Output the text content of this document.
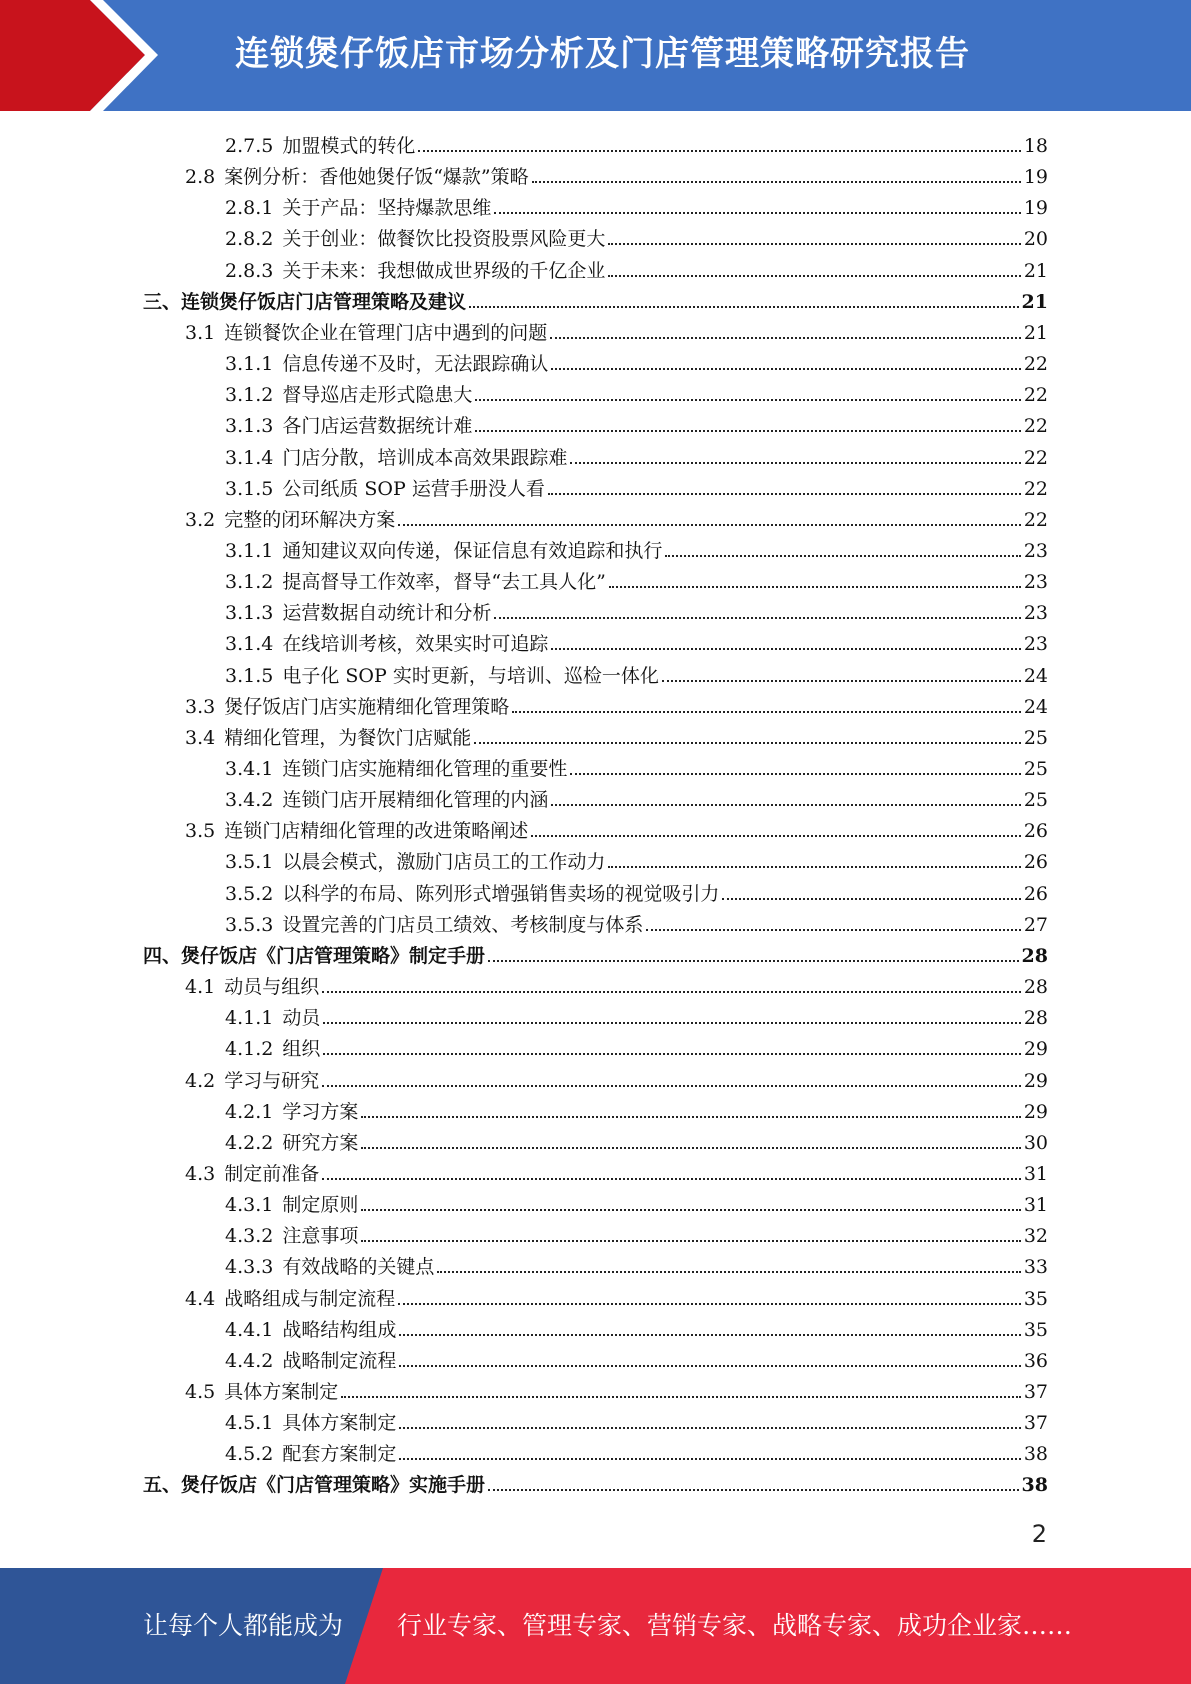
连锁煲仔饭店市场分析及门店管理策略研究报告
2.7.5 加盟模式的转化	18
2.8 案例分析：香他她煲仔饭“爆款”策略	19
2.8.1 关于产品：坚持爆款思维	19
2.8.2 关于创业：做餐饮比投资股票风险更大	20
2.8.3 关于未来：我想做成世界级的千亿企业	21
三、连锁煲仔饭店门店管理策略及建议	21
3.1 连锁餐饮企业在管理门店中遇到的问题	21
3.1.1 信息传递不及时，无法跟踪确认	22
3.1.2 督导巡店走形式隐患大	22
3.1.3 各门店运营数据统计难	22
3.1.4 门店分散，培训成本高效果跟踪难	22
3.1.5 公司纸质 SOP 运营手册没人看	22
3.2 完整的闭环解决方案	22
3.1.1 通知建议双向传递，保证信息有效追踪和执行	23
3.1.2 提高督导工作效率，督导“去工具人化”	23
3.1.3 运营数据自动统计和分析	23
3.1.4 在线培训考核，效果实时可追踪	23
3.1.5 电子化 SOP 实时更新，与培训、巡检一体化	24
3.3 煲仔饭店门店实施精细化管理策略	24
3.4 精细化管理，为餐饮门店赋能	25
3.4.1 连锁门店实施精细化管理的重要性	25
3.4.2 连锁门店开展精细化管理的内涵	25
3.5 连锁门店精细化管理的改进策略阐述	26
3.5.1 以晨会模式，激励门店员工的工作动力	26
3.5.2 以科学的布局、陈列形式增强销售卖场的视觉吸引力	26
3.5.3 设置完善的门店员工绩效、考核制度与体系	27
四、煲仔饭店《门店管理策略》制定手册	28
4.1 动员与组织	28
4.1.1 动员	28
4.1.2 组织	29
4.2 学习与研究	29
4.2.1 学习方案	29
4.2.2 研究方案	30
4.3 制定前准备	31
4.3.1 制定原则	31
4.3.2 注意事项	32
4.3.3 有效战略的关键点	33
4.4 战略组成与制定流程	35
4.4.1 战略结构组成	35
4.4.2 战略制定流程	36
4.5 具体方案制定	37
4.5.1 具体方案制定	37
4.5.2 配套方案制定	38
五、煲仔饭店《门店管理策略》实施手册	38
2
让每个人都能成为 行业专家、管理专家、营销专家、战略专家、成功企业家……
